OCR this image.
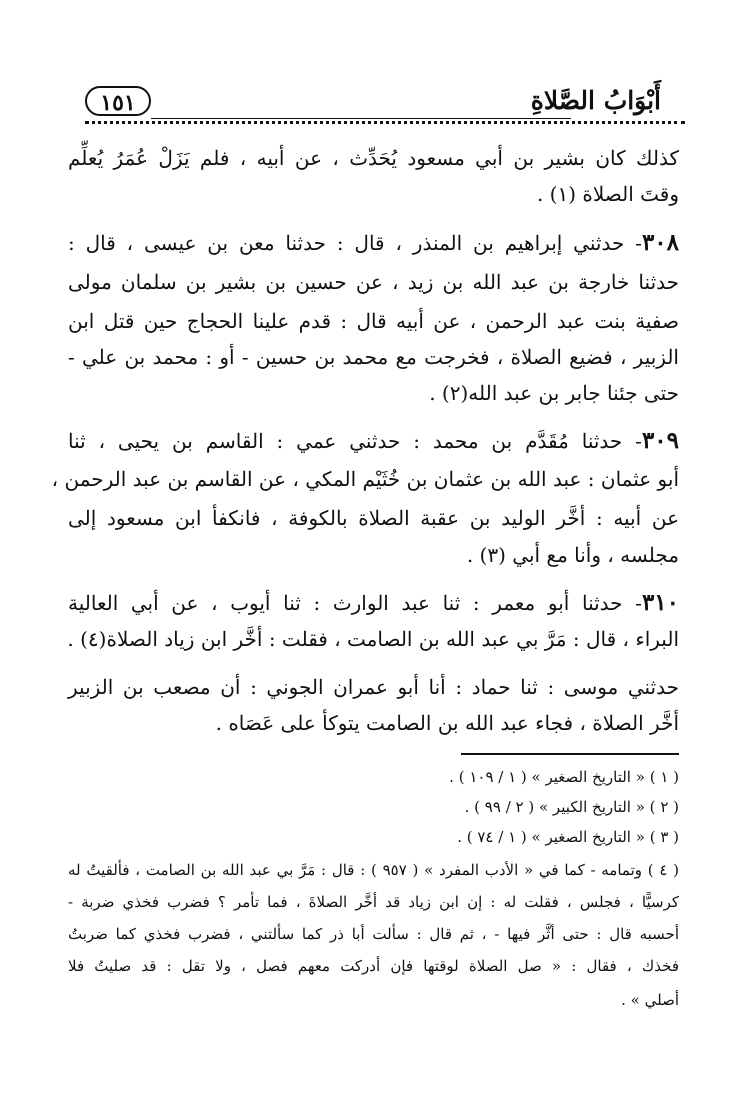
أَبْوَابُ الصَّلاةِ
١٥١
كذلك كان بشير بن أبي مسعود يُحَدِّث ، عن أبيه ، فلم يَزَلْ عُمَرُ يُعلِّم
وقتَ الصلاة (١) .
٣٠٨- حدثني إبراهيم بن المنذر ، قال : حدثنا معن بن عيسى ، قال :
حدثنا خارجة بن عبد الله بن زيد ، عن حسين بن بشير بن سلمان مولى
صفية بنت عبد الرحمن ، عن أبيه قال : قدم علينا الحجاج حين قتل ابن
الزبير ، فضيع الصلاة ، فخرجت مع محمد بن حسين - أو : محمد بن علي -
حتى جئنا جابر بن عبد الله(٢) .
٣٠٩- حدثنا مُقَدَّم بن محمد : حدثني عمي : القاسم بن يحيى ، ثنا
أبو عثمان : عبد الله بن عثمان بن خُثَيْم المكي ، عن القاسم بن عبد الرحمن ،
عن أبيه : أخَّر الوليد بن عقبة الصلاة بالكوفة ، فانكفأ ابن مسعود إلى
مجلسه ، وأنا مع أبي (٣) .
٣١٠- حدثنا أبو معمر : ثنا عبد الوارث : ثنا أيوب ، عن أبي العالية
البراء ، قال : مَرَّ بي عبد الله بن الصامت ، فقلت : أخَّر ابن زياد الصلاة(٤) .
حدثني موسى : ثنا حماد : أنا أبو عمران الجوني : أن مصعب بن الزبير
أخَّر الصلاة ، فجاء عبد الله بن الصامت يتوكأ على عَصَاه .
( ١ ) « التاريخ الصغير » ( ١ / ١٠٩ ) .
( ٢ ) « التاريخ الكبير » ( ٢ / ٩٩ ) .
( ٣ ) « التاريخ الصغير » ( ١ / ٧٤ ) .
( ٤ ) وتمامه - كما في « الأدب المفرد » ( ٩٥٧ ) : قال : مَرَّ بي عبد الله بن الصامت ، فألقيتُ له
كرسيًّا ، فجلس ، فقلت له : إن ابن زياد قد أخَّر الصلاةَ ، فما تأمر ؟ فضرب فخذي ضربة -
أحسبه قال : حتى أثَّر فيها - ، ثم قال : سألت أبا ذر كما سألتني ، فضرب فخذي كما ضربتُ
فخذك ، فقال : « صل الصلاة لوقتها فإن أدركت معهم فصل ، ولا تقل : قد صليتُ فلا
أصلي » .
